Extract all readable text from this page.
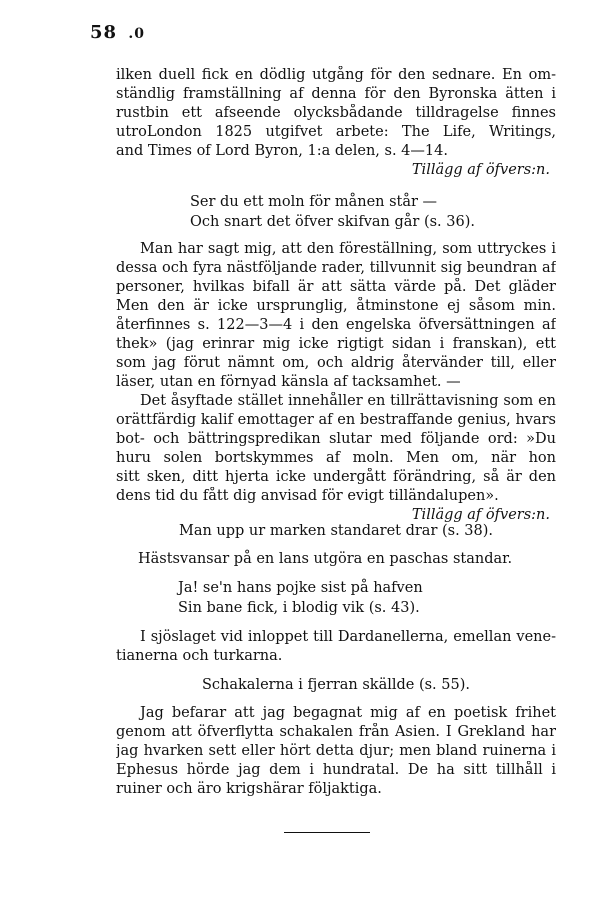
58 .0
ilken duell fick en dödlig utgång för den sednare. En om-
ständlig framställning af denna för den Byronska ätten i
rustbin ett afseende olycksbådande tilldragelse finnes
utroLondon 1825 utgifvet arbete: The Life, Writings,
and Times of Lord Byron, 1:a delen, s. 4—14.
Tillägg af öfvers:n.
Ser du ett moln för månen står —
Och snart det öfver skifvan går (s. 36).
Man har sagt mig, att den föreställning, som uttryckes i
dessa och fyra nästföljande rader, tillvunnit sig beundran af
personer, hvilkas bifall är att sätta värde på. Det gläder
Men den är icke ursprunglig, åtminstone ej såsom min.
återfinnes s. 122—3—4 i den engelska öfversättningen af
thek» (jag erinrar mig icke rigtigt sidan i franskan), ett
som jag förut nämnt om, och aldrig återvänder till, eller
läser, utan en förnyad känsla af tacksamhet. —
Det åsyftade stället innehåller en tillrättavisning som en
orättfärdig kalif emottager af en bestraffande genius, hvars
bot- och bättringspredikan slutar med följande ord: »Du
huru solen bortskymmes af moln. Men om, när hon
sitt sken, ditt hjerta icke undergått förändring, så är den
dens tid du fått dig anvisad för evigt tilländalupen».
Tillägg af öfvers:n.
Man upp ur marken standaret drar (s. 38).
Hästsvansar på en lans utgöra en paschas standar.
Ja! se'n hans pojke sist på hafven
Sin bane fick, i blodig vik (s. 43).
I sjöslaget vid inloppet till Dardanellerna, emellan vene-
tianerna och turkarna.
Schakalerna i fjerran skällde (s. 55).
Jag befarar att jag begagnat mig af en poetisk frihet
genom att öfverflytta schakalen från Asien. I Grekland har
jag hvarken sett eller hört detta djur; men bland ruinerna i
Ephesus hörde jag dem i hundratal. De ha sitt tillhåll i
ruiner och äro krigshärar följaktiga.
